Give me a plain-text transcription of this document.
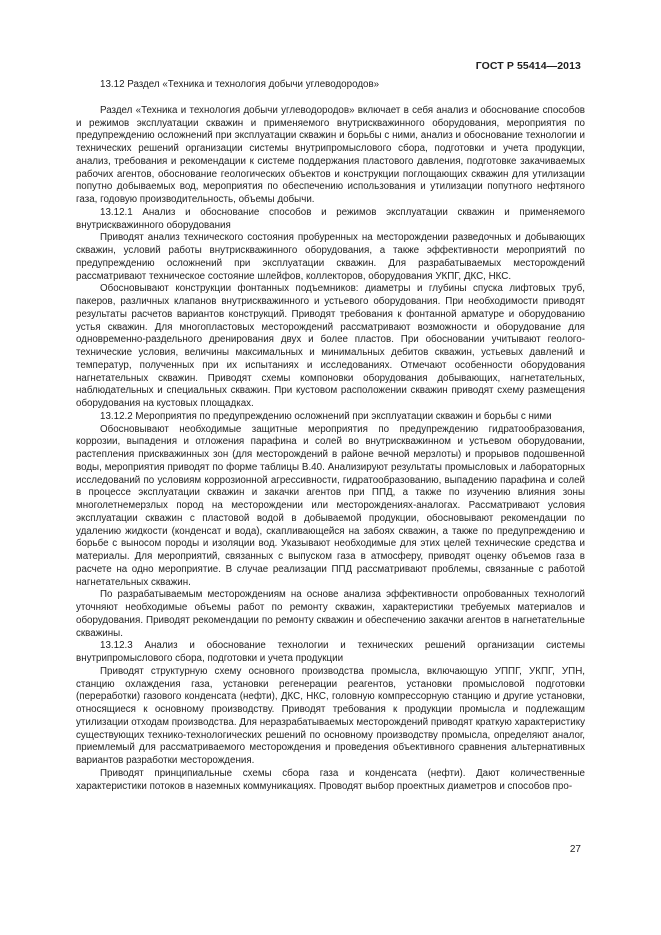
ГОСТ Р 55414—2013

13.12 Раздел «Техника и технология добычи углеводородов»

Раздел «Техника и технология добычи углеводородов» включает в себя анализ и обоснование способов и режимов эксплуатации скважин и применяемого внутрискважинного оборудования, мероприятия по предупреждению осложнений при эксплуатации скважин и борьбы с ними, анализ и обоснование технологии и технических решений организации системы внутрипромыслового сбора, подготовки и учета продукции, анализ, требования и рекомендации к системе поддержания пластового давления, подготовке закачиваемых рабочих агентов, обоснование геологических объектов и конструкции поглощающих скважин для утилизации попутно добываемых вод, мероприятия по обеспечению использования и утилизации попутного нефтяного газа, годовую производительность, объемы добычи.

13.12.1 Анализ и обоснование способов и режимов эксплуатации скважин и применяемого внутрискважинного оборудования

Приводят анализ технического состояния пробуренных на месторождении разведочных и добывающих скважин, условий работы внутрискважинного оборудования, а также эффективности мероприятий по предупреждению осложнений при эксплуатации скважин. Для разрабатываемых месторождений рассматривают техническое состояние шлейфов, коллекторов, оборудования УКПГ, ДКС, НКС.

Обосновывают конструкции фонтанных подъемников: диаметры и глубины спуска лифтовых труб, пакеров, различных клапанов внутрискважинного и устьевого оборудования. При необходимости приводят результаты расчетов вариантов конструкций. Приводят требования к фонтанной арматуре и оборудованию устья скважин. Для многопластовых месторождений рассматривают возможности и оборудование для одновременно-раздельного дренирования двух и более пластов. При обосновании учитывают геолого-технические условия, величины максимальных и минимальных дебитов скважин, устьевых давлений и температур, полученных при их испытаниях и исследованиях. Отмечают особенности оборудования нагнетательных скважин. Приводят схемы компоновки оборудования добывающих, нагнетательных, наблюдательных и специальных скважин. При кустовом расположении скважин приводят схему размещения оборудования на кустовых площадках.

13.12.2 Мероприятия по предупреждению осложнений при эксплуатации скважин и борьбы с ними

Обосновывают необходимые защитные мероприятия по предупреждению гидратообразования, коррозии, выпадения и отложения парафина и солей во внутрискважинном и устьевом оборудовании, растепления прискважинных зон (для месторождений в районе вечной мерзлоты) и прорывов подошвенной воды, мероприятия приводят по форме таблицы В.40. Анализируют результаты промысловых и лабораторных исследований по условиям коррозионной агрессивности, гидратообразованию, выпадению парафина и солей в процессе эксплуатации скважин и закачки агентов при ППД, а также по изучению влияния зоны многолетнемерзлых пород на месторождении или месторождениях-аналогах. Рассматривают условия эксплуатации скважин с пластовой водой в добываемой продукции, обосновывают рекомендации по удалению жидкости (конденсат и вода), скапливающейся на забоях скважин, а также по предупреждению и борьбе с выносом породы и изоляции вод. Указывают необходимые для этих целей технические средства и материалы. Для мероприятий, связанных с выпуском газа в атмосферу, приводят оценку объемов газа в расчете на одно мероприятие. В случае реализации ППД рассматривают проблемы, связанные с работой нагнетательных скважин.

По разрабатываемым месторождениям на основе анализа эффективности опробованных технологий уточняют необходимые объемы работ по ремонту скважин, характеристики требуемых материалов и оборудования. Приводят рекомендации по ремонту скважин и обеспечению закачки агентов в нагнетательные скважины.

13.12.3 Анализ и обоснование технологии и технических решений организации системы внутрипромыслового сбора, подготовки и учета продукции

Приводят структурную схему основного производства промысла, включающую УППГ, УКПГ, УПН, станцию охлаждения газа, установки регенерации реагентов, установки промысловой подготовки (переработки) газового конденсата (нефти), ДКС, НКС, головную компрессорную станцию и другие установки, относящиеся к основному производству. Приводят требования к продукции промысла и подлежащим утилизации отходам производства. Для неразрабатываемых месторождений приводят краткую характеристику существующих технико-технологических решений по основному производству промысла, определяют аналог, приемлемый для рассматриваемого месторождения и проведения объективного сравнения альтернативных вариантов разработки месторождения.

Приводят принципиальные схемы сбора газа и конденсата (нефти). Дают количественные характеристики потоков в наземных коммуникациях. Проводят выбор проектных диаметров и способов про-

27
